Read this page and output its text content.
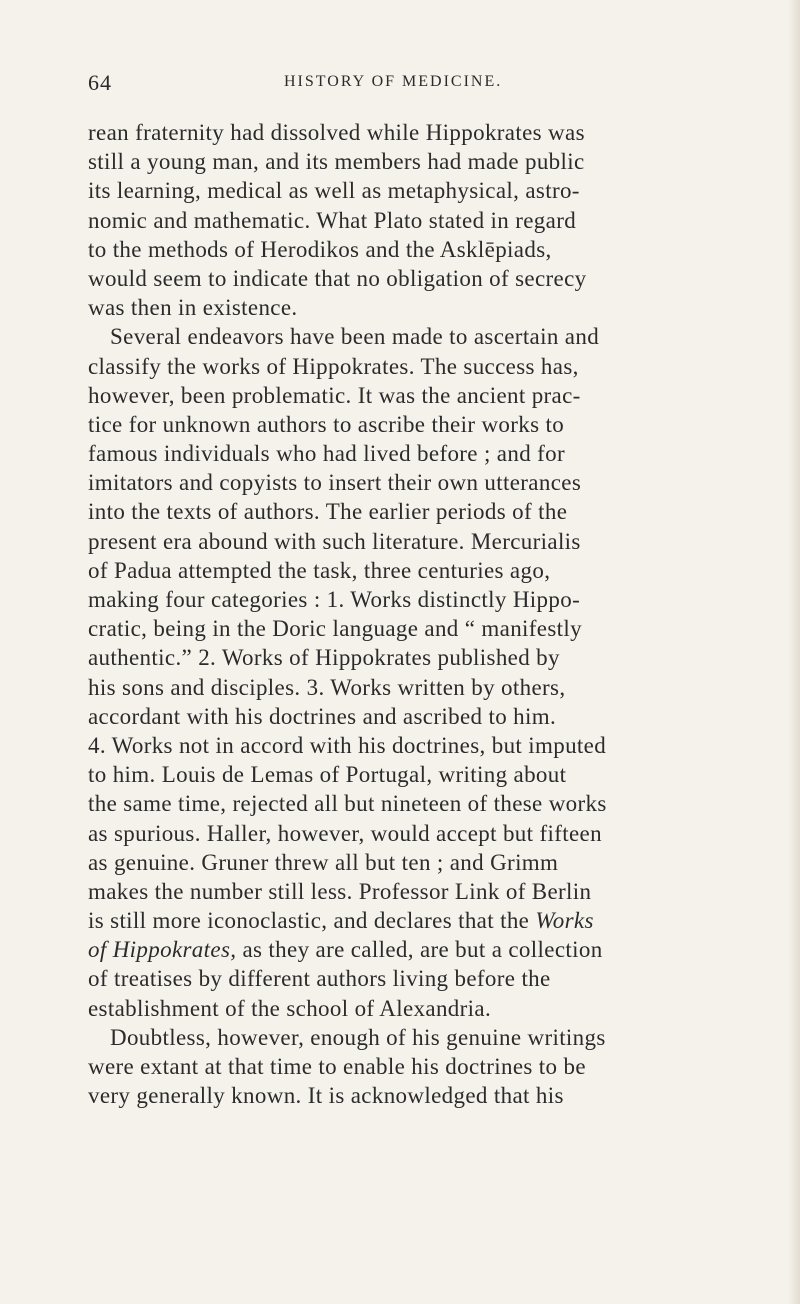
64	HISTORY OF MEDICINE.
rean fraternity had dissolved while Hippokrates was
still a young man, and its members had made public
its learning, medical as well as metaphysical, astro-
nomic and mathematic. What Plato stated in regard
to the methods of Herodikos and the Asklēpiads,
would seem to indicate that no obligation of secrecy
was then in existence.
Several endeavors have been made to ascertain and
classify the works of Hippokrates. The success has,
however, been problematic. It was the ancient prac-
tice for unknown authors to ascribe their works to
famous individuals who had lived before ; and for
imitators and copyists to insert their own utterances
into the texts of authors. The earlier periods of the
present era abound with such literature. Mercurialis
of Padua attempted the task, three centuries ago,
making four categories : 1. Works distinctly Hippo-
cratic, being in the Doric language and “ manifestly
authentic.” 2. Works of Hippokrates published by
his sons and disciples. 3. Works written by others,
accordant with his doctrines and ascribed to him.
4. Works not in accord with his doctrines, but imputed
to him. Louis de Lemas of Portugal, writing about
the same time, rejected all but nineteen of these works
as spurious. Haller, however, would accept but fifteen
as genuine. Gruner threw all but ten ; and Grimm
makes the number still less. Professor Link of Berlin
is still more iconoclastic, and declares that the Works
of Hippokrates, as they are called, are but a collection
of treatises by different authors living before the
establishment of the school of Alexandria.
Doubtless, however, enough of his genuine writings
were extant at that time to enable his doctrines to be
very generally known. It is acknowledged that his
